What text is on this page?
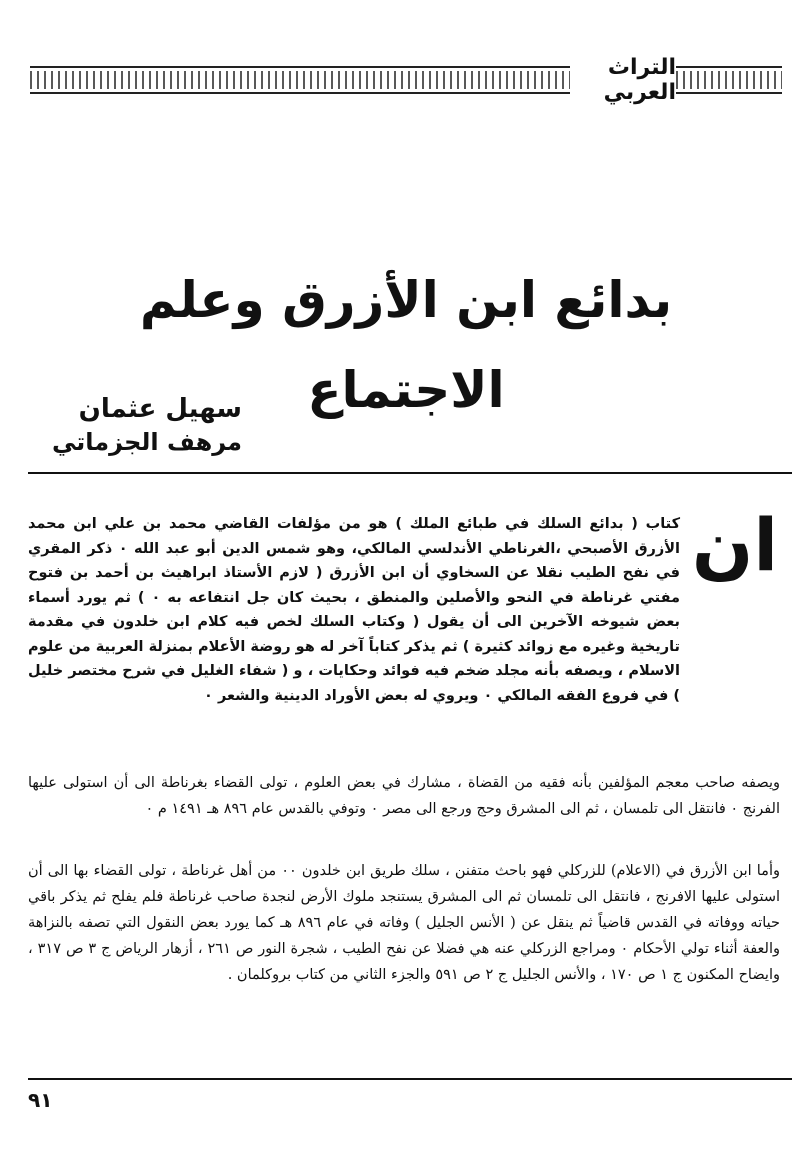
التراث العربي
بدائع ابن الأزرق وعلم الاجتماع
سهيل عثمان
مرهف الجزماتي
ان

كتاب ( بدائع السلك في طبائع الملك ) هو من مؤلفات القاضي محمد بن علي ابن محمد الأزرق الأصبحي ،الغرناطي الأندلسي المالكي، وهو شمس الدين أبو عبد الله ٠ ذكر المقري في نفح الطيب نقلا عن السخاوي أن ابن الأزرق ( لازم الأستاذ ابراهيث بن أحمد بن فتوح مفتي غرناطة في النحو والأصلين والمنطق ، بحيث كان جل انتفاعه به ٠ ) ثم يورد أسماء بعض شيوخه الآخرين الى أن يقول ( وكتاب السلك لخص فيه كلام ابن خلدون في مقدمة تاريخية وغيره مع زوائد كثيرة ) ثم يذكر كتاباً آخر له هو روضة الأعلام بمنزلة العربية من علوم الاسلام ، ويصفه بأنه مجلد ضخم فيه فوائد وحكايات ، و ( شفاء الغليل في شرح مختصر خليل ) في فروع الفقه المالكي ٠ ويروي له بعض الأوراد الدينية والشعر ٠

ويصفه صاحب معجم المؤلفين بأنه فقيه من القضاة ، مشارك في بعض العلوم ، تولى القضاء بغرناطة الى أن استولى عليها الفرنج ٠ فانتقل الى تلمسان ، ثم الى المشرق وحج ورجع الى مصر ٠ وتوفي بالقدس عام ٨٩٦ هـ ١٤٩١ م ٠

وأما ابن الأزرق في (الاعلام) للزركلي فهو باحث متفنن ، سلك طريق ابن خلدون ٠٠ من أهل غرناطة ، تولى القضاء بها الى أن استولى عليها الافرنج ، فانتقل الى تلمسان ثم الى المشرق يستنجد ملوك الأرض لنجدة صاحب غرناطة فلم يفلح ثم يذكر باقي حياته ووفاته في القدس قاضياً ثم ينقل عن ( الأنس الجليل ) وفاته في عام ٨٩٦ هـ كما يورد بعض النقول التي تصفه بالنزاهة والعفة أثناء تولي الأحكام ٠ ومراجع الزركلي عنه هي فضلا عن نفح الطيب ، شجرة النور ص ٢٦١ ، أزهار الرياض ج ٣ ص ٣١٧ ، وايضاح المكنون ج ١ ص ١٧٠ ، والأنس الجليل ج ٢ ص ٥٩١ والجزء الثاني من كتاب بروكلمان .

٩١
